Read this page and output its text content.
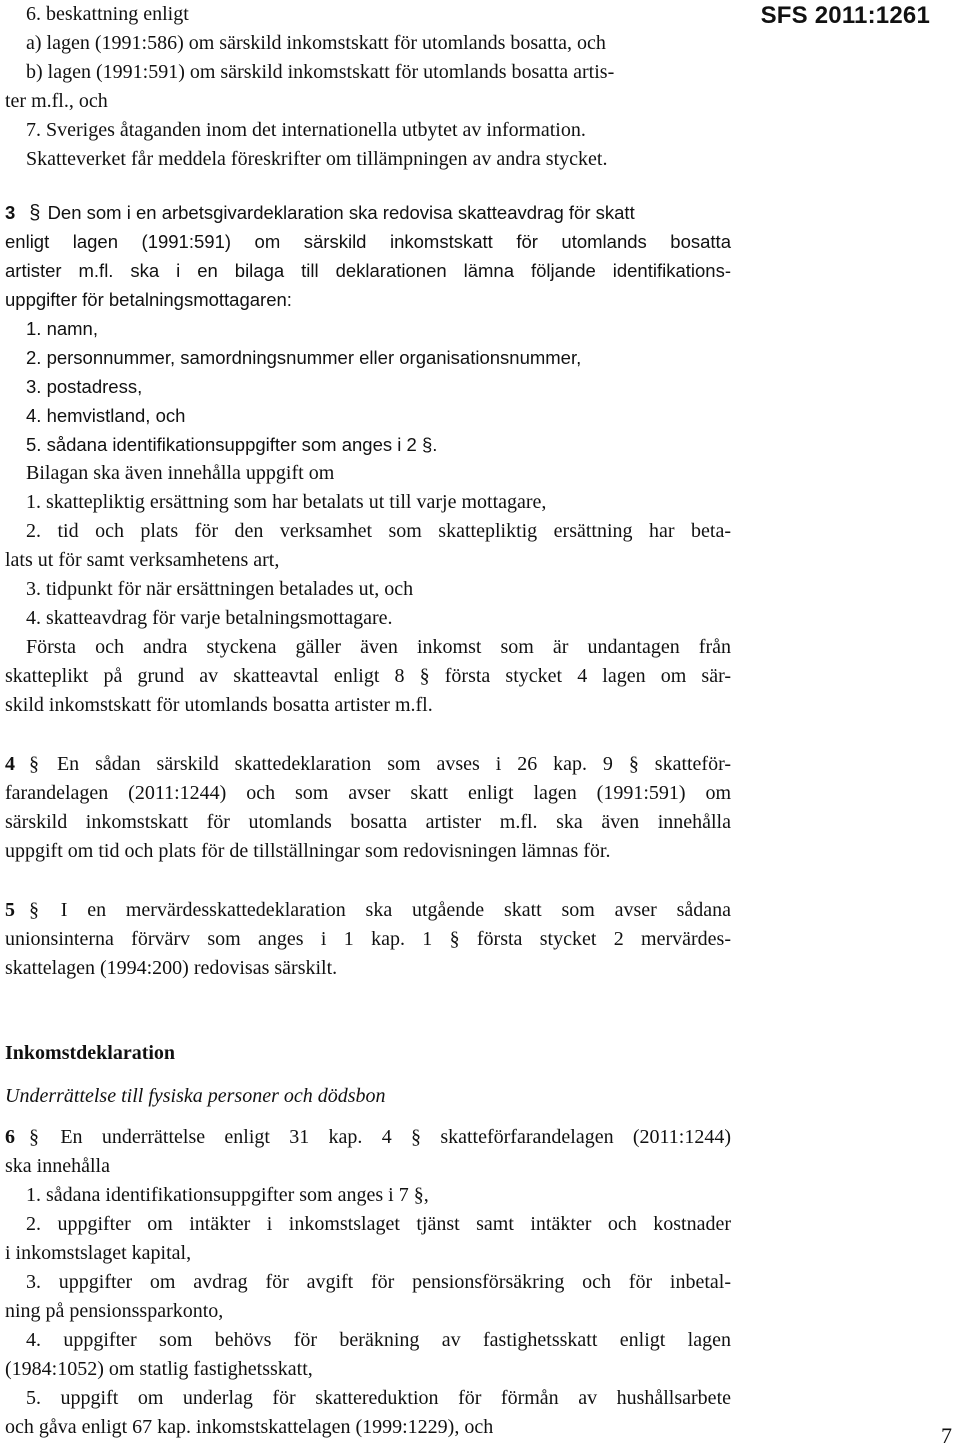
SFS 2011:1261
6. beskattning enligt
a) lagen (1991:586) om särskild inkomstskatt för utomlands bosatta, och
b) lagen (1991:591) om särskild inkomstskatt för utomlands bosatta artis-
ter m.fl., och
7. Sveriges åtaganden inom det internationella utbytet av information.
Skatteverket får meddela föreskrifter om tillämpningen av andra stycket.
3 § Den som i en arbetsgivardeklaration ska redovisa skatteavdrag för skatt
enligt lagen (1991:591) om särskild inkomstskatt för utomlands bosatta
artister m.fl. ska i en bilaga till deklarationen lämna följande identifikations-
uppgifter för betalningsmottagaren:
1. namn,
2. personnummer, samordningsnummer eller organisationsnummer,
3. postadress,
4. hemvistland, och
5. sådana identifikationsuppgifter som anges i 2 §.
Bilagan ska även innehålla uppgift om
1. skattepliktig ersättning som har betalats ut till varje mottagare,
2. tid och plats för den verksamhet som skattepliktig ersättning har beta-
lats ut för samt verksamhetens art,
3. tidpunkt för när ersättningen betalades ut, och
4. skatteavdrag för varje betalningsmottagare.
Första och andra styckena gäller även inkomst som är undantagen från
skatteplikt på grund av skatteavtal enligt 8 § första stycket 4 lagen om sär-
skild inkomstskatt för utomlands bosatta artister m.fl.
4 § En sådan särskild skattedeklaration som avses i 26 kap. 9 § skatteför-
farandelagen (2011:1244) och som avser skatt enligt lagen (1991:591) om
särskild inkomstskatt för utomlands bosatta artister m.fl. ska även innehålla
uppgift om tid och plats för de tillställningar som redovisningen lämnas för.
5 § I en mervärdesskattedeklaration ska utgående skatt som avser sådana
unionsinterna förvärv som anges i 1 kap. 1 § första stycket 2 mervärdes-
skattelagen (1994:200) redovisas särskilt.
Inkomstdeklaration
Underrättelse till fysiska personer och dödsbon
6 § En underrättelse enligt 31 kap. 4 § skatteförfarandelagen (2011:1244)
ska innehålla
1. sådana identifikationsuppgifter som anges i 7 §,
2. uppgifter om intäkter i inkomstslaget tjänst samt intäkter och kostnader
i inkomstslaget kapital,
3. uppgifter om avdrag för avgift för pensionsförsäkring och för inbetal-
ning på pensionssparkonto,
4. uppgifter som behövs för beräkning av fastighetsskatt enligt lagen
(1984:1052) om statlig fastighetsskatt,
5. uppgift om underlag för skattereduktion för förmån av hushållsarbete
och gåva enligt 67 kap. inkomstskattelagen (1999:1229), och	7
